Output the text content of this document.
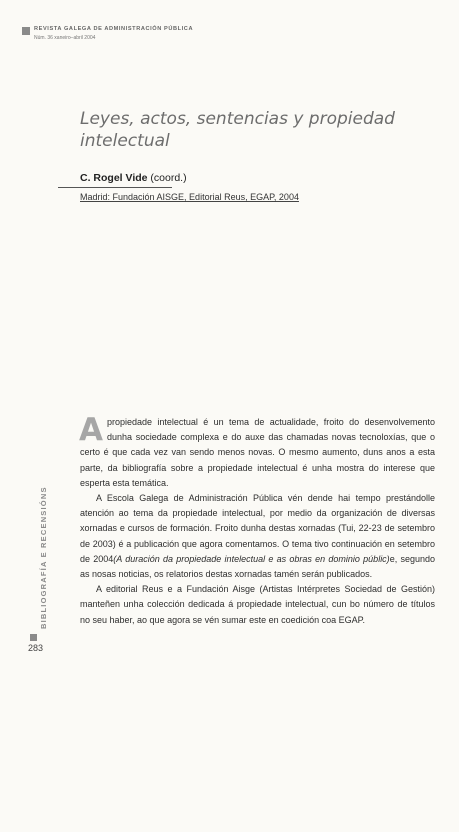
REVISTA GALEGA DE ADMINISTRACIÓN PÚBLICA
Núm. 36 xaneiro–abril 2004
Leyes, actos, sentencias y propiedad intelectual
C. Rogel Vide (coord.)
Madrid: Fundación AISGE, Editorial Reus, EGAP, 2004

A propiedade intelectual é un tema de actualidade, froito do desenvolvemento dunha sociedade complexa e do auxe das chamadas novas tecnoloxías, que o certo é que cada vez van sendo menos novas. O mesmo aumento, duns anos a esta parte, da bibliografía sobre a propiedade intelectual é unha mostra do interese que esperta esta temática.

A Escola Galega de Administración Pública vén dende hai tempo prestándolle atención ao tema da propiedade intelectual, por medio da organización de diversas xornadas e cursos de formación. Froito dunha destas xornadas (Tui, 22-23 de setembro de 2003) é a publicación que agora comentamos. O tema tivo continuación en setembro de 2004(A duración da propiedade intelectual e as obras en dominio públic)e, segundo as nosas noticias, os relatorios destas xornadas tamén serán publicados.

A editorial Reus e a Fundación Aisge (Artistas Intérpretes Sociedad de Gestión) manteñen unha colección dedicada á propiedade intelectual, cun bo número de títulos no seu haber, ao que agora se vén sumar este en coedición coa EGAP.

BIBLIOGRAFÍA E RECENSIÓNS
283
